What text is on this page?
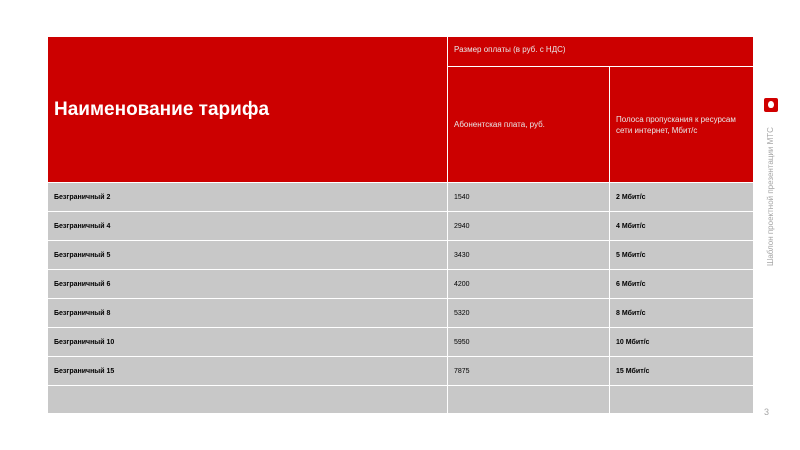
Наименование тарифа	Размер оплаты (в руб. с НДС)	
	Абонентская плата, руб.	Полоса пропускания к ресурсам сети интернет, Мбит/с
Безграничный 2	1540	2 Мбит/с
Безграничный 4	2940	4 Мбит/с
Безграничный 5	3430	5 Мбит/с
Безграничный 6	4200	6 Мбит/с
Безграничный 8	5320	8 Мбит/с
Безграничный 10	5950	10 Мбит/с
Безграничный 15	7875	15 Мбит/с

Шаблон проектной презентации МТС
3
